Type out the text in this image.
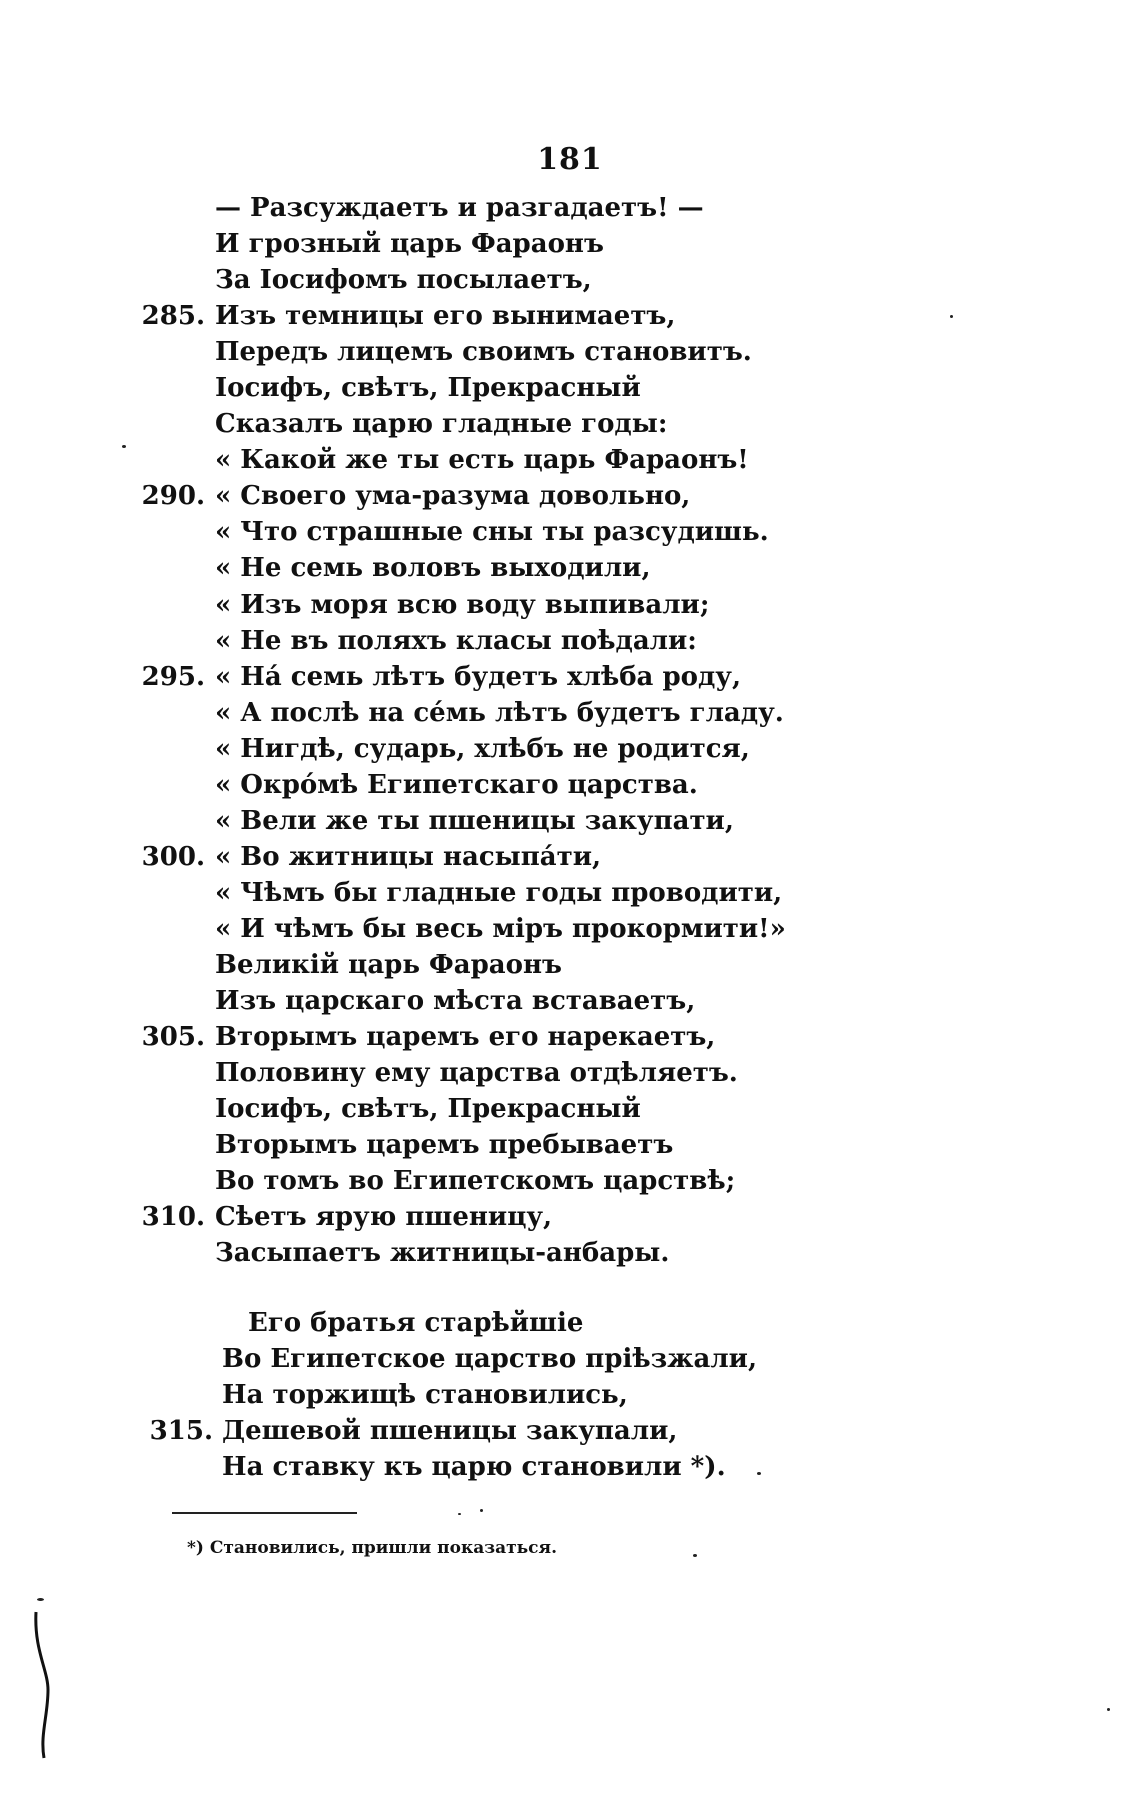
181
— Разсуждаетъ и разгадаетъ! —
И грозный царь Фараонъ
За Іосифомъ посылаетъ,
285. Изъ темницы его вынимаетъ,
Передъ лицемъ своимъ становитъ.
Іосифъ, свѣтъ, Прекрасный
Сказалъ царю гладные годы:
« Какой же ты есть царь Фараонъ!
290. « Своего ума-разума довольно,
« Что страшные сны ты разсудишь.
« Не семь воловъ выходили,
« Изъ моря всю воду выпивали;
« Не въ поляхъ класы поѣдали:
295. « На́ семь лѣтъ будетъ хлѣба роду,
« А послѣ на се́мь лѣтъ будетъ гладу.
« Нигдѣ, сударь, хлѣбъ не родится,
« Окро́мѣ Египетскаго царства.
« Вели же ты пшеницы закупати,
300. « Во житницы насыпа́ти,
« Чѣмъ бы гладные годы проводити,
« И чѣмъ бы весь міръ прокормити!»
Великій царь Фараонъ
Изъ царскаго мѣста вставаетъ,
305. Вторымъ царемъ его нарекаетъ,
Половину ему царства отдѣляетъ.
Іосифъ, свѣтъ, Прекрасный
Вторымъ царемъ пребываетъ
Во томъ во Египетскомъ царствѣ;
310. Сѣетъ ярую пшеницу,
Засыпаетъ житницы-анбары.
Его братья старѣйшіе
Во Египетское царство пріѣзжали,
На торжищѣ становились,
315. Дешевой пшеницы закупали,
На ставку къ царю становили *).
*) Становились, пришли показаться.
